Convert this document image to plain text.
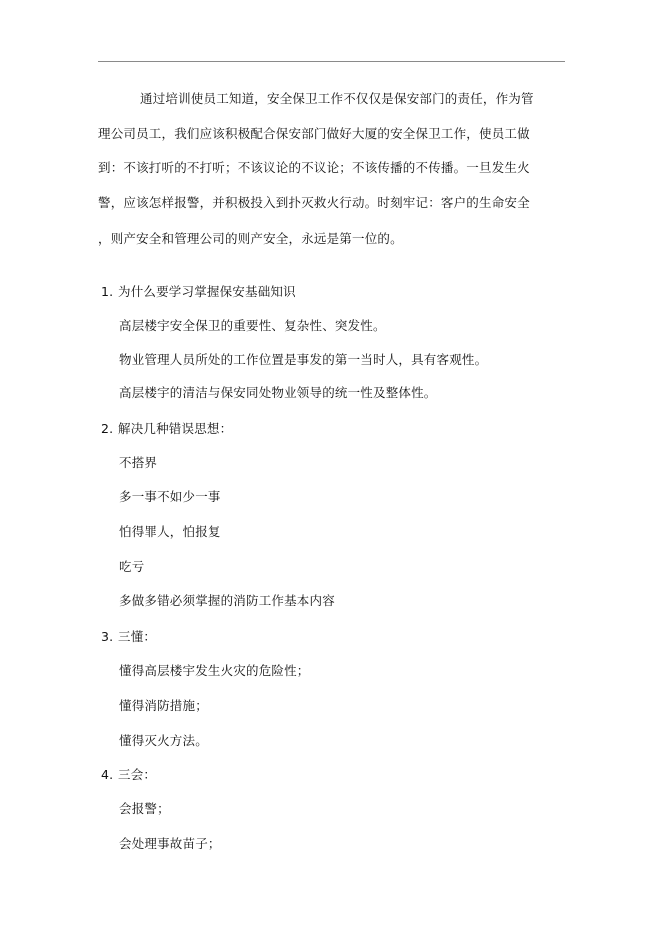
通过培训使员工知道，安全保卫工作不仅仅是保安部门的责任，作为管
理公司员工，我们应该积极配合保安部门做好大厦的安全保卫工作，使员工做
到：不该打听的不打听；不该议论的不议论；不该传播的不传播。一旦发生火
警，应该怎样报警，并积极投入到扑灭救火行动。时刻牢记：客户的生命安全
，则产安全和管理公司的则产安全，永远是第一位的。
1. 为什么要学习掌握保安基础知识
高层楼宇安全保卫的重要性、复杂性、突发性。
物业管理人员所处的工作位置是事发的第一当时人，具有客观性。
高层楼宇的清洁与保安同处物业领导的统一性及整体性。
2. 解决几种错误思想：
不搭界
多一事不如少一事
怕得罪人，怕报复
吃亏
多做多错必须掌握的消防工作基本内容
3. 三懂：
懂得高层楼宇发生火灾的危险性；
懂得消防措施；
懂得灭火方法。
4. 三会：
会报警；
会处理事故苗子；
